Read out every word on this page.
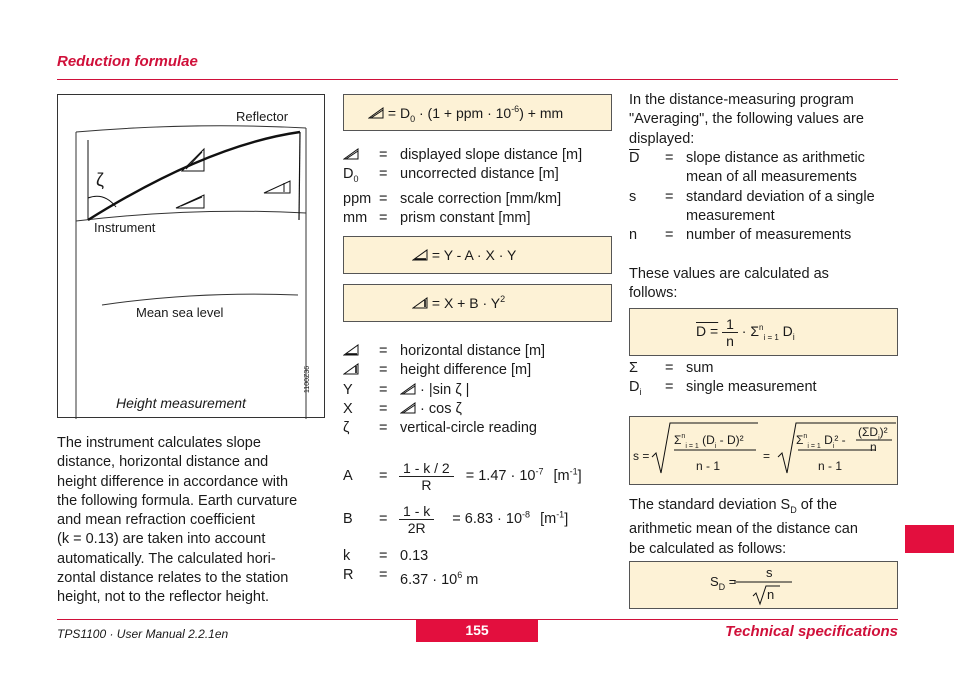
Reduction formulae
Reflector
Instrument
Mean sea level
ζ
Height measurement
1100Z36
The instrument calculates slope
distance, horizontal distance and
height difference in accordance with
the following formula. Earth curvature
and mean refraction coefficient
(k = 0.13) are taken into account
automatically. The calculated hori-
zontal distance relates to the station
height, not to the reflector height.
= $D_0 \cdot (1$ + ppm · $10^{-6}$) + mm
	=	displayed slope distance [m]
$D_0$	=	uncorrected distance [m]
ppm	=	scale correction [mm/km]
mm	=	prism constant [mm]
= Y - A · X · Y
= $X + B \cdot Y^2$
	=	horizontal distance [m]
	=	height difference [m]
Y	=	· |sin ζ |
X	=	· cos ζ
ζ	=	vertical-circle reading
$A = \frac{1 - k / 2}{R} = 1.47 \cdot 10^{-7}$ $[m^{-1}]$
$B = \frac{1 - k}{2R} = 6.83 \cdot 10^{-8}$ $[m^{-1}]$
k	=	0.13
R	=	$6.37 \cdot 10^6$ m
In the distance-measuring program
"Averaging", the following values are
displayed:
$\overline{D}$	=	slope distance as arithmetic
mean of all measurements

s	=	standard deviation of a single
measurement

n	=	number of measurements
These values are calculated as
follows:
$D = \frac{1}{n} \cdot \Sigma^n_{i = 1}$ $D_i$
Σ	=	sum
$D_i$	=	single measurement
s =
$\Sigma^n_{i = 1}$ $(D_i - D)^2$
n - 1
=
$\Sigma^n_{i = 1}$ $D_i^2$ -
$(\Sigma D_i)^2$
n
n - 1
The standard deviation $S_D$ of the
arithmetic mean of the distance can
be calculated as follows:
$S_D$ =
s
n
TPS1100 · User Manual 2.2.1en	155	Technical specifications
